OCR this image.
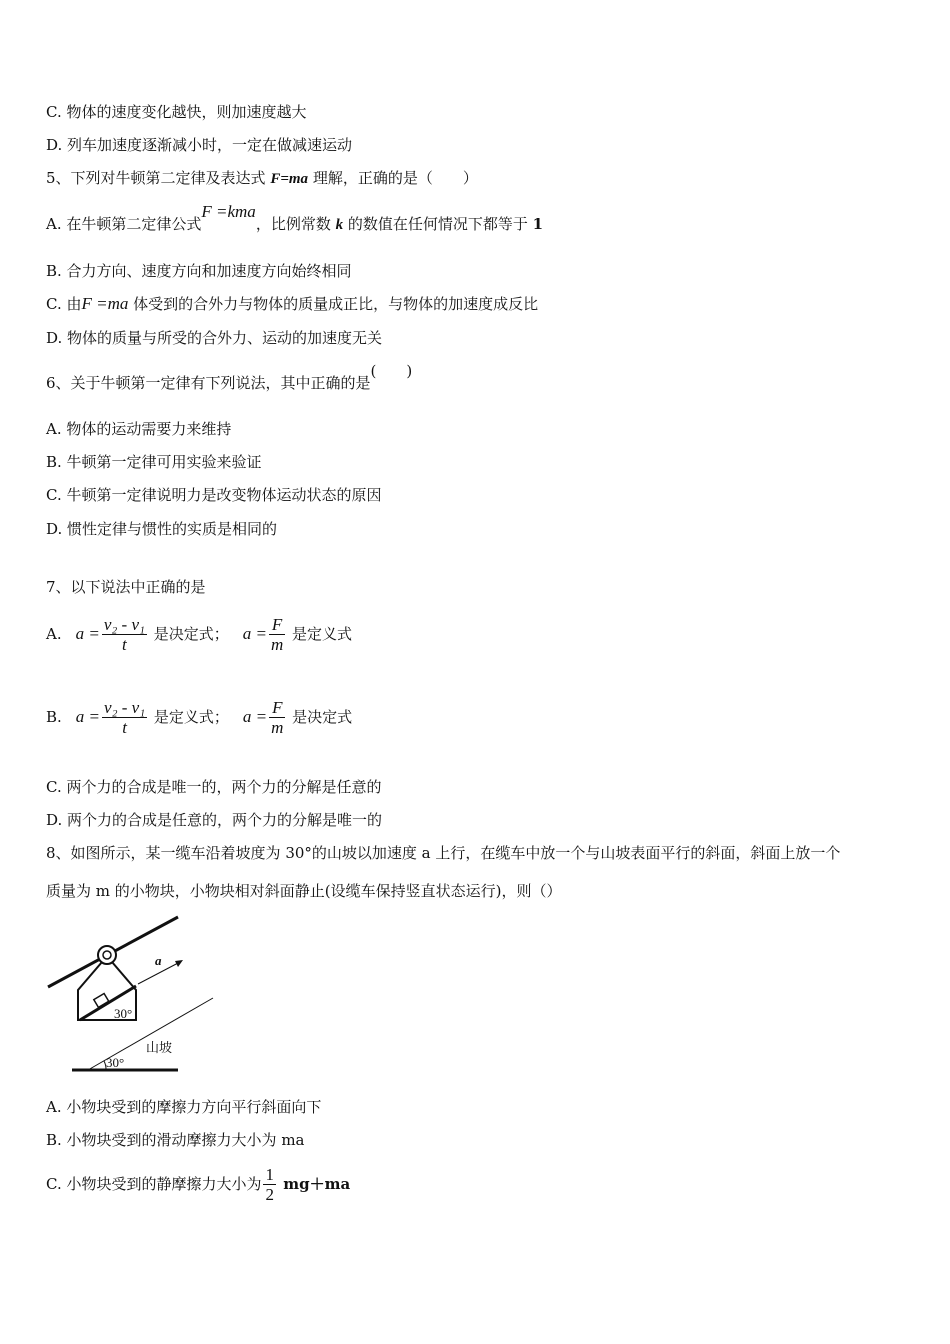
C. 物体的速度变化越快，则加速度越大
D. 列车加速度逐渐减小时，一定在做减速运动
5、下列对牛顿第二定律及表达式 F=ma 理解，正确的是（　　）
A. 在牛顿第二定律公式F =kma，比例常数 k 的数值在任何情况下都等于 1
B. 合力方向、速度方向和加速度方向始终相同
C. 由F =ma 体受到的合外力与物体的质量成正比，与物体的加速度成反比
D. 物体的质量与所受的合外力、运动的加速度无关
6、关于牛顿第一定律有下列说法，其中正确的是(　　)
A. 物体的运动需要力来维持
B. 牛顿第一定律可用实验来验证
C. 牛顿第一定律说明力是改变物体运动状态的原因
D. 惯性定律与惯性的实质是相同的
7、以下说法中正确的是
A. $a = \frac{\text{v₂ - v₁}}{t}$ 是决定式； $a = \frac{F}{m}$ 是定义式
B. $a = \frac{\text{v₂ - v₁}}{t}$ 是定义式； $a = \frac{F}{m}$ 是决定式
C. 两个力的合成是唯一的，两个力的分解是任意的
D. 两个力的合成是任意的，两个力的分解是唯一的
8、如图所示，某一缆车沿着坡度为 30°的山坡以加速度 a 上行，在缆车中放一个与山坡表面平行的斜面，斜面上放一个
质量为 m 的小物块，小物块相对斜面静止(设缆车保持竖直状态运行)，则（）
30°
a
30°
山坡
A. 小物块受到的摩擦力方向平行斜面向下
B. 小物块受到的滑动摩擦力大小为 ma
C. 小物块受到的静摩擦力大小为 $\frac{1}{2} mg+ma$
